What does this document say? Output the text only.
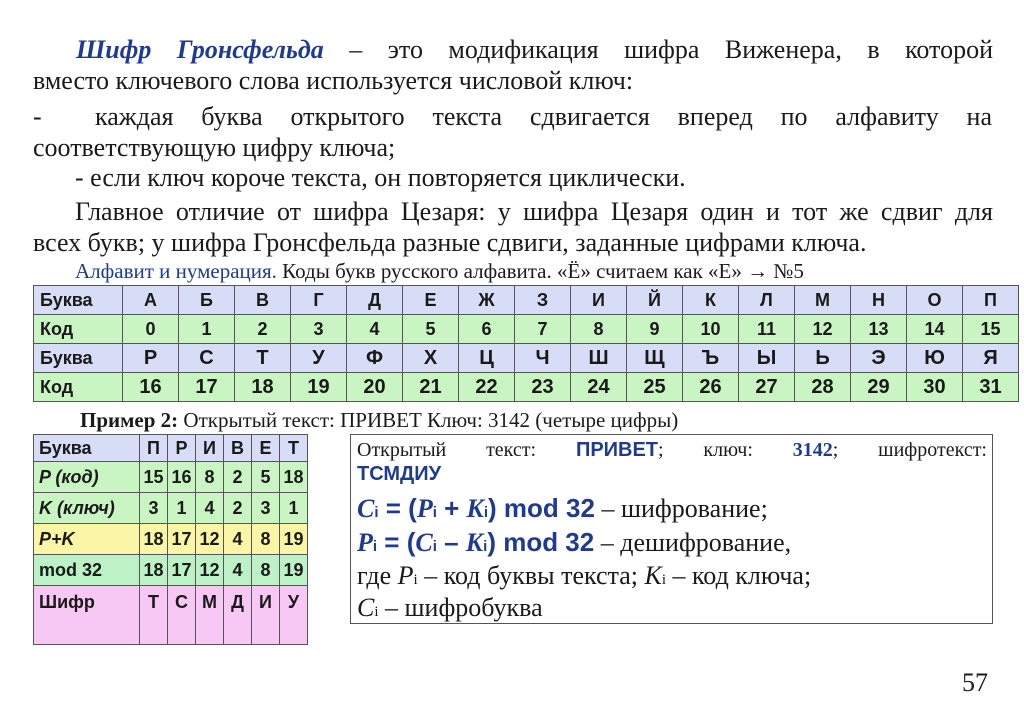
Шифр Гронсфельда – это модификация шифра Виженера, в которой
вместо ключевого слова используется числовой ключ:
- каждая буква открытого текста сдвигается вперед по алфавиту на
соответствующую цифру ключа;
- если ключ короче текста, он повторяется циклически.
Главное отличие от шифра Цезаря: у шифра Цезаря один и тот же сдвиг для
всех букв; у шифра Гронсфельда разные сдвиги, заданные цифрами ключа.
Алфавит и нумерация. Коды букв русского алфавита. «Ё» считаем как «Е» → №5
Буква	А	Б	В	Г	Д	Е	Ж	З	И	Й	К	Л	М	Н	О	П
Код	0	1	2	3	4	5	6	7	8	9	10	11	12	13	14	15
Буква	Р	С	Т	У	Ф	Х	Ц	Ч	Ш	Щ	Ъ	Ы	Ь	Э	Ю	Я
Код	16	17	18	19	20	21	22	23	24	25	26	27	28	29	30	31
Пример 2: Открытый текст: ПРИВЕТ Ключ: 3142 (четыре цифры)
Буква	П	Р	И	В	Е	Т
P (код)	15	16	8	2	5	18
K (ключ)	3	1	4	2	3	1
P+K	18	17	12	4	8	19
mod 32	18	17	12	4	8	19
Шифр	Т	С	М	Д	И	У
Открытый текст: ПРИВЕТ; ключ: 3142; шифротекст:
ТСМДИУ
Ci = (Pi + Ki) mod 32 – шифрование;
Pi = (Ci – Ki) mod 32 – дешифрование,
где Pi – код буквы текста; Ki – код ключа;
Ci – шифробуква
57
